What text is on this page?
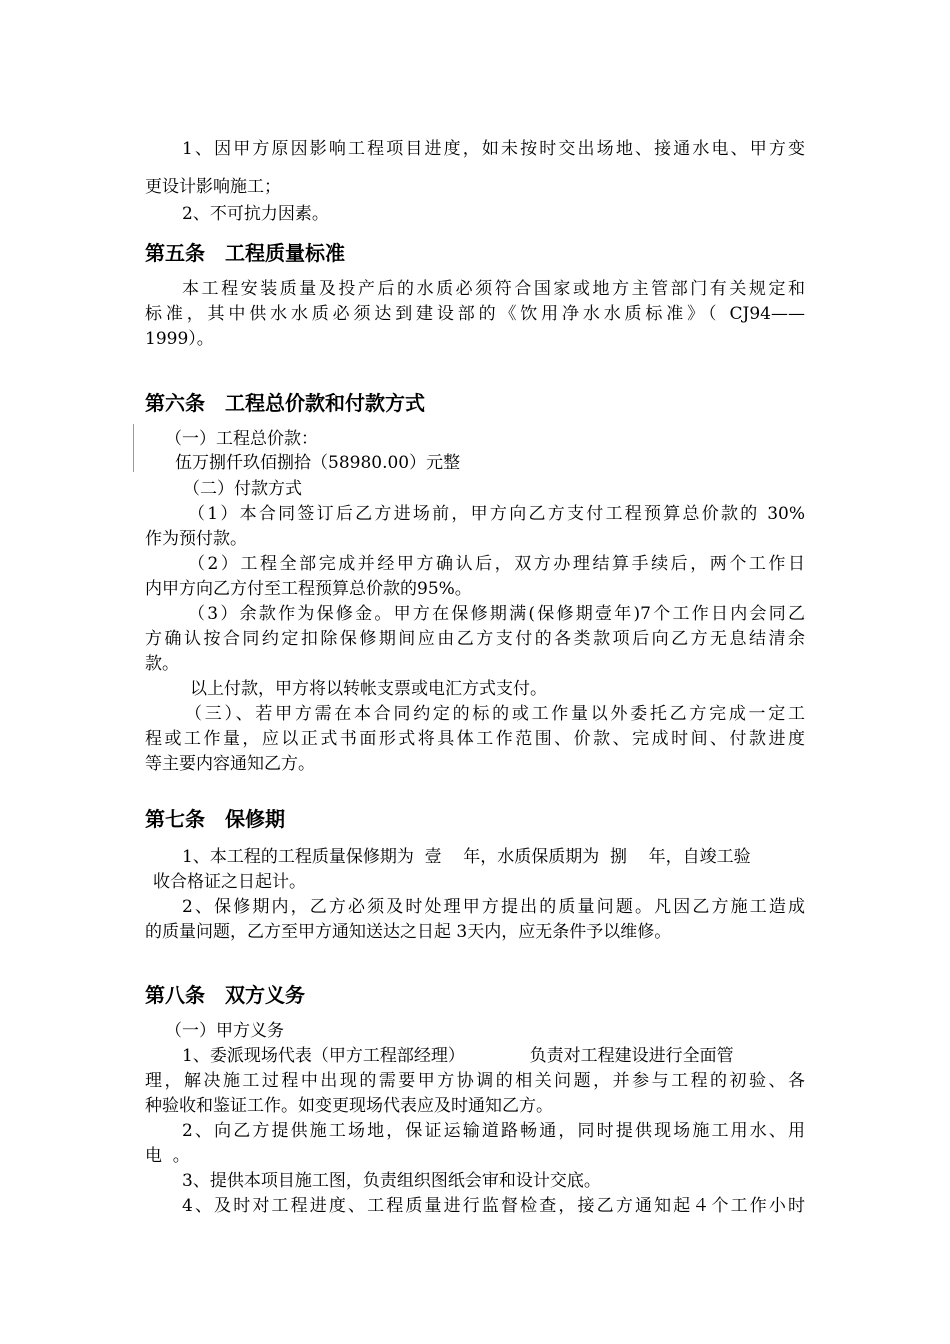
1、因甲方原因影响工程项目进度，如未按时交出场地、接通水电、甲方变

更设计影响施工；

2、不可抗力因素。

第五条　工程质量标准

本工程安装质量及投产后的水质必须符合国家或地方主管部门有关规定和

标准，其中供水水质必须达到建设部的《饮用净水水质标准》（ CJ94——

1999）。

第六条　工程总价款和付款方式

（一）工程总价款：

伍万捌仟玖佰捌拾（58980.00）元整

（二）付款方式

（1）本合同签订后乙方进场前，甲方向乙方支付工程预算总价款的 30%

作为预付款。

（2）工程全部完成并经甲方确认后，双方办理结算手续后，两个工作日

内甲方向乙方付至工程预算总价款的95%。

（3）余款作为保修金。甲方在保修期满(保修期壹年)7个工作日内会同乙

方确认按合同约定扣除保修期间应由乙方支付的各类款项后向乙方无息结清余

款。

以上付款，甲方将以转帐支票或电汇方式支付。

（三）、若甲方需在本合同约定的标的或工作量以外委托乙方完成一定工

程或工作量，应以正式书面形式将具体工作范围、价款、完成时间、付款进度

等主要内容通知乙方。

第七条　保修期

1、本工程的工程质量保修期为  壹    年，水质保质期为  捌    年，自竣工验

收合格证之日起计。

2、保修期内，乙方必须及时处理甲方提出的质量问题。凡因乙方施工造成

的质量问题，乙方至甲方通知送达之日起 3天内，应无条件予以维修。

第八条　双方义务

（一）甲方义务

1、委派现场代表（甲方工程部经理）            负责对工程建设进行全面管

理，解决施工过程中出现的需要甲方协调的相关问题，并参与工程的初验、各

种验收和鉴证工作。如变更现场代表应及时通知乙方。

2、向乙方提供施工场地，保证运输道路畅通，同时提供现场施工用水、用

电  。

3、提供本项目施工图，负责组织图纸会审和设计交底。

4、及时对工程进度、工程质量进行监督检查，接乙方通知起４个工作小时
